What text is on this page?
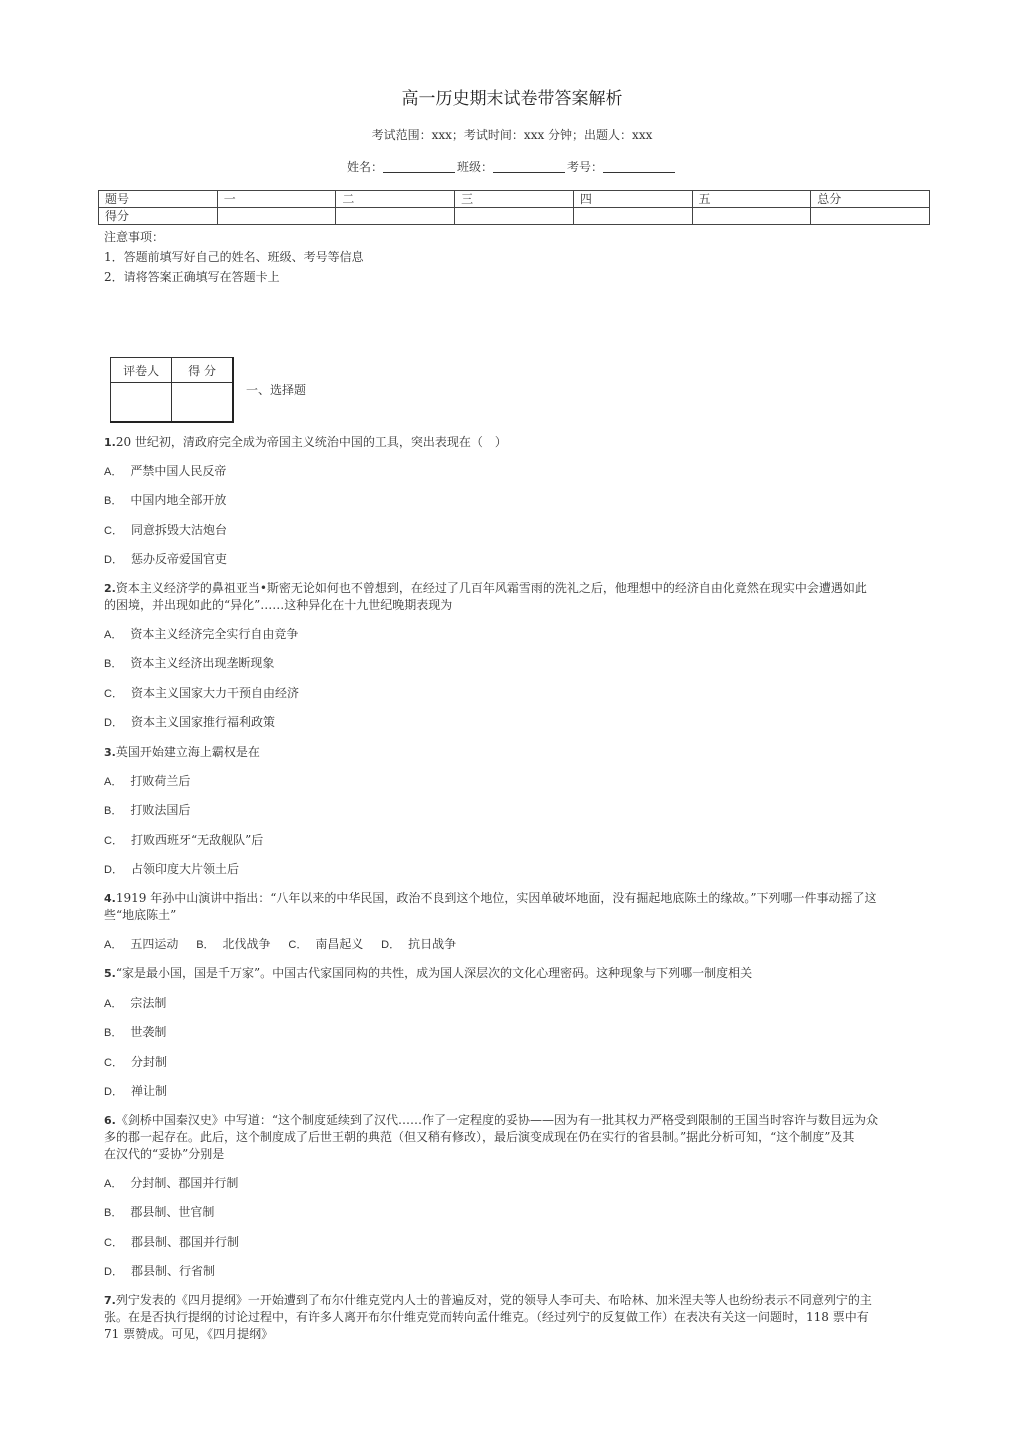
高一历史期末试卷带答案解析
考试范围：xxx；考试时间：xxx 分钟；出题人：xxx
姓名：	班级：	考号：
题号	一	二	三	四	五	总分
得分						
注意事项：
1．答题前填写好自己的姓名、班级、考号等信息
2．请将答案正确填写在答题卡上
评卷人	得 分

一、选择题
1.20 世纪初，清政府完全成为帝国主义统治中国的工具，突出表现在（　）
A． 严禁中国人民反帝
B． 中国内地全部开放
C． 同意拆毁大沽炮台
D． 惩办反帝爱国官吏
2.资本主义经济学的鼻祖亚当•斯密无论如何也不曾想到，在经过了几百年风霜雪雨的洗礼之后，他理想中的经济自由化竟然在现实中会遭遇如此
的困境，并出现如此的“异化”……这种异化在十九世纪晚期表现为
A． 资本主义经济完全实行自由竞争
B． 资本主义经济出现垄断现象
C． 资本主义国家大力干预自由经济
D． 资本主义国家推行福利政策
3.英国开始建立海上霸权是在
A． 打败荷兰后
B． 打败法国后
C． 打败西班牙“无敌舰队”后
D． 占领印度大片领土后
4.1919 年孙中山演讲中指出：“八年以来的中华民国，政治不良到这个地位，实因单破坏地面，没有掘起地底陈土的缘故。”下列哪一件事动摇了这
些“地底陈土”
A． 五四运动 B． 北伐战争 C． 南昌起义 D． 抗日战争
5.“家是最小国，国是千万家”。中国古代家国同构的共性，成为国人深层次的文化心理密码。这种现象与下列哪一制度相关
A． 宗法制
B． 世袭制
C． 分封制
D． 禅让制
6.《剑桥中国秦汉史》中写道：“这个制度延续到了汉代……作了一定程度的妥协——因为有一批其权力严格受到限制的王国当时容许与数目远为众
多的郡一起存在。此后，这个制度成了后世王朝的典范（但又稍有修改），最后演变成现在仍在实行的省县制。”据此分析可知，“这个制度”及其
在汉代的“妥协”分别是
A． 分封制、郡国并行制
B． 郡县制、世官制
C． 郡县制、郡国并行制
D． 郡县制、行省制
7.列宁发表的《四月提纲》一开始遭到了布尔什维克党内人士的普遍反对，党的领导人李可夫、布哈林、加米涅夫等人也纷纷表示不同意列宁的主
张。在是否执行提纲的讨论过程中，有许多人离开布尔什维克党而转向孟什维克。（经过列宁的反复做工作）在表决有关这一问题时，118 票中有
71 票赞成。可见，《四月提纲》
